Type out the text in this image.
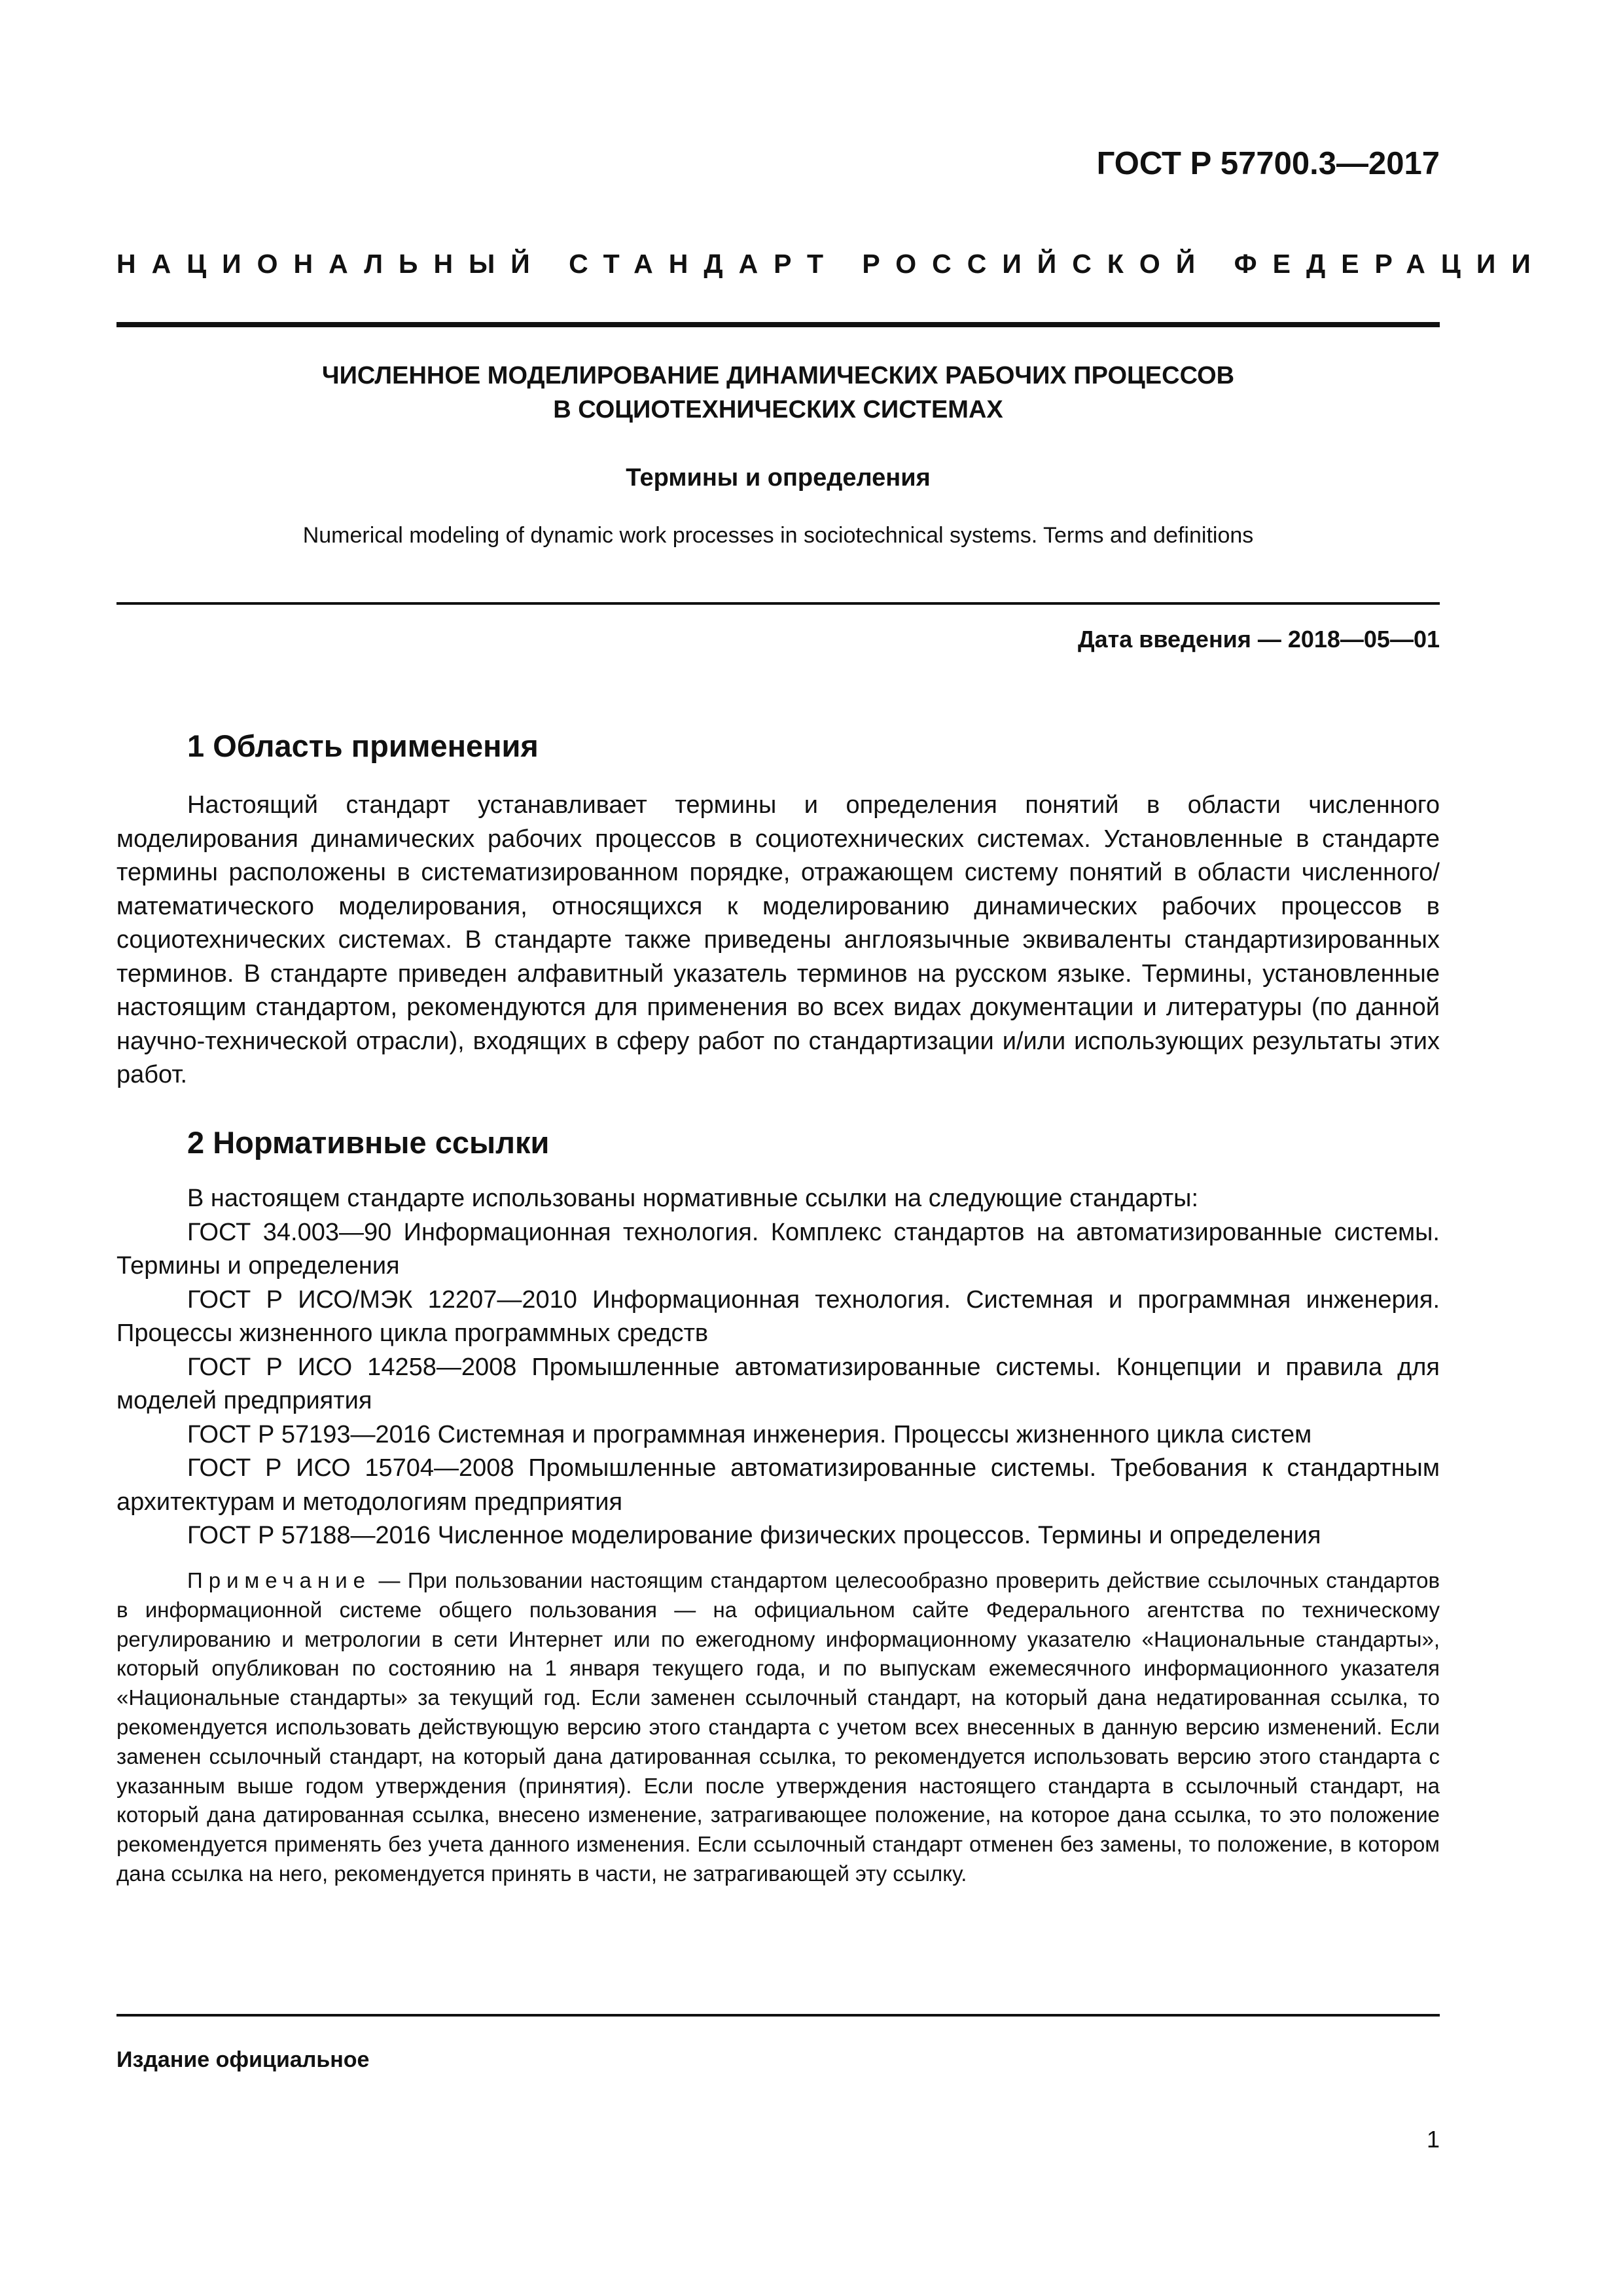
ГОСТ Р 57700.3—2017
НАЦИОНАЛЬНЫЙ СТАНДАРТ РОССИЙСКОЙ ФЕДЕРАЦИИ
ЧИСЛЕННОЕ МОДЕЛИРОВАНИЕ ДИНАМИЧЕСКИХ РАБОЧИХ ПРОЦЕССОВ
В СОЦИОТЕХНИЧЕСКИХ СИСТЕМАХ
Термины и определения
Numerical modeling of dynamic work processes in sociotechnical systems. Terms and definitions
Дата введения — 2018—05—01
1 Область применения
Настоящий стандарт устанавливает термины и определения понятий в области численного моделирования динамических рабочих процессов в социотехнических системах. Установленные в стандарте термины расположены в систематизированном порядке, отражающем систему понятий в области численного/математического моделирования, относящихся к моделированию динамических рабочих процессов в социотехнических системах. В стандарте также приведены англоязычные эквиваленты стандартизированных терминов. В стандарте приведен алфавитный указатель терминов на русском языке. Термины, установленные настоящим стандартом, рекомендуются для применения во всех видах документации и литературы (по данной научно-технической отрасли), входящих в сферу работ по стандартизации и/или использующих результаты этих работ.
2 Нормативные ссылки
В настоящем стандарте использованы нормативные ссылки на следующие стандарты:
ГОСТ 34.003—90 Информационная технология. Комплекс стандартов на автоматизированные системы. Термины и определения
ГОСТ Р ИСО/МЭК 12207—2010 Информационная технология. Системная и программная инженерия. Процессы жизненного цикла программных средств
ГОСТ Р ИСО 14258—2008 Промышленные автоматизированные системы. Концепции и правила для моделей предприятия
ГОСТ Р 57193—2016 Системная и программная инженерия. Процессы жизненного цикла систем
ГОСТ Р ИСО 15704—2008 Промышленные автоматизированные системы. Требования к стандартным архитектурам и методологиям предприятия
ГОСТ Р 57188—2016 Численное моделирование физических процессов. Термины и определения
Примечание — При пользовании настоящим стандартом целесообразно проверить действие ссылочных стандартов в информационной системе общего пользования — на официальном сайте Федерального агентства по техническому регулированию и метрологии в сети Интернет или по ежегодному информационному указателю «Национальные стандарты», который опубликован по состоянию на 1 января текущего года, и по выпускам ежемесячного информационного указателя «Национальные стандарты» за текущий год. Если заменен ссылочный стандарт, на который дана недатированная ссылка, то рекомендуется использовать действующую версию этого стандарта с учетом всех внесенных в данную версию изменений. Если заменен ссылочный стандарт, на который дана датированная ссылка, то рекомендуется использовать версию этого стандарта с указанным выше годом утверждения (принятия). Если после утверждения настоящего стандарта в ссылочный стандарт, на который дана датированная ссылка, внесено изменение, затрагивающее положение, на которое дана ссылка, то это положение рекомендуется применять без учета данного изменения. Если ссылочный стандарт отменен без замены, то положение, в котором дана ссылка на него, рекомендуется принять в части, не затрагивающей эту ссылку.
Издание официальное
1
